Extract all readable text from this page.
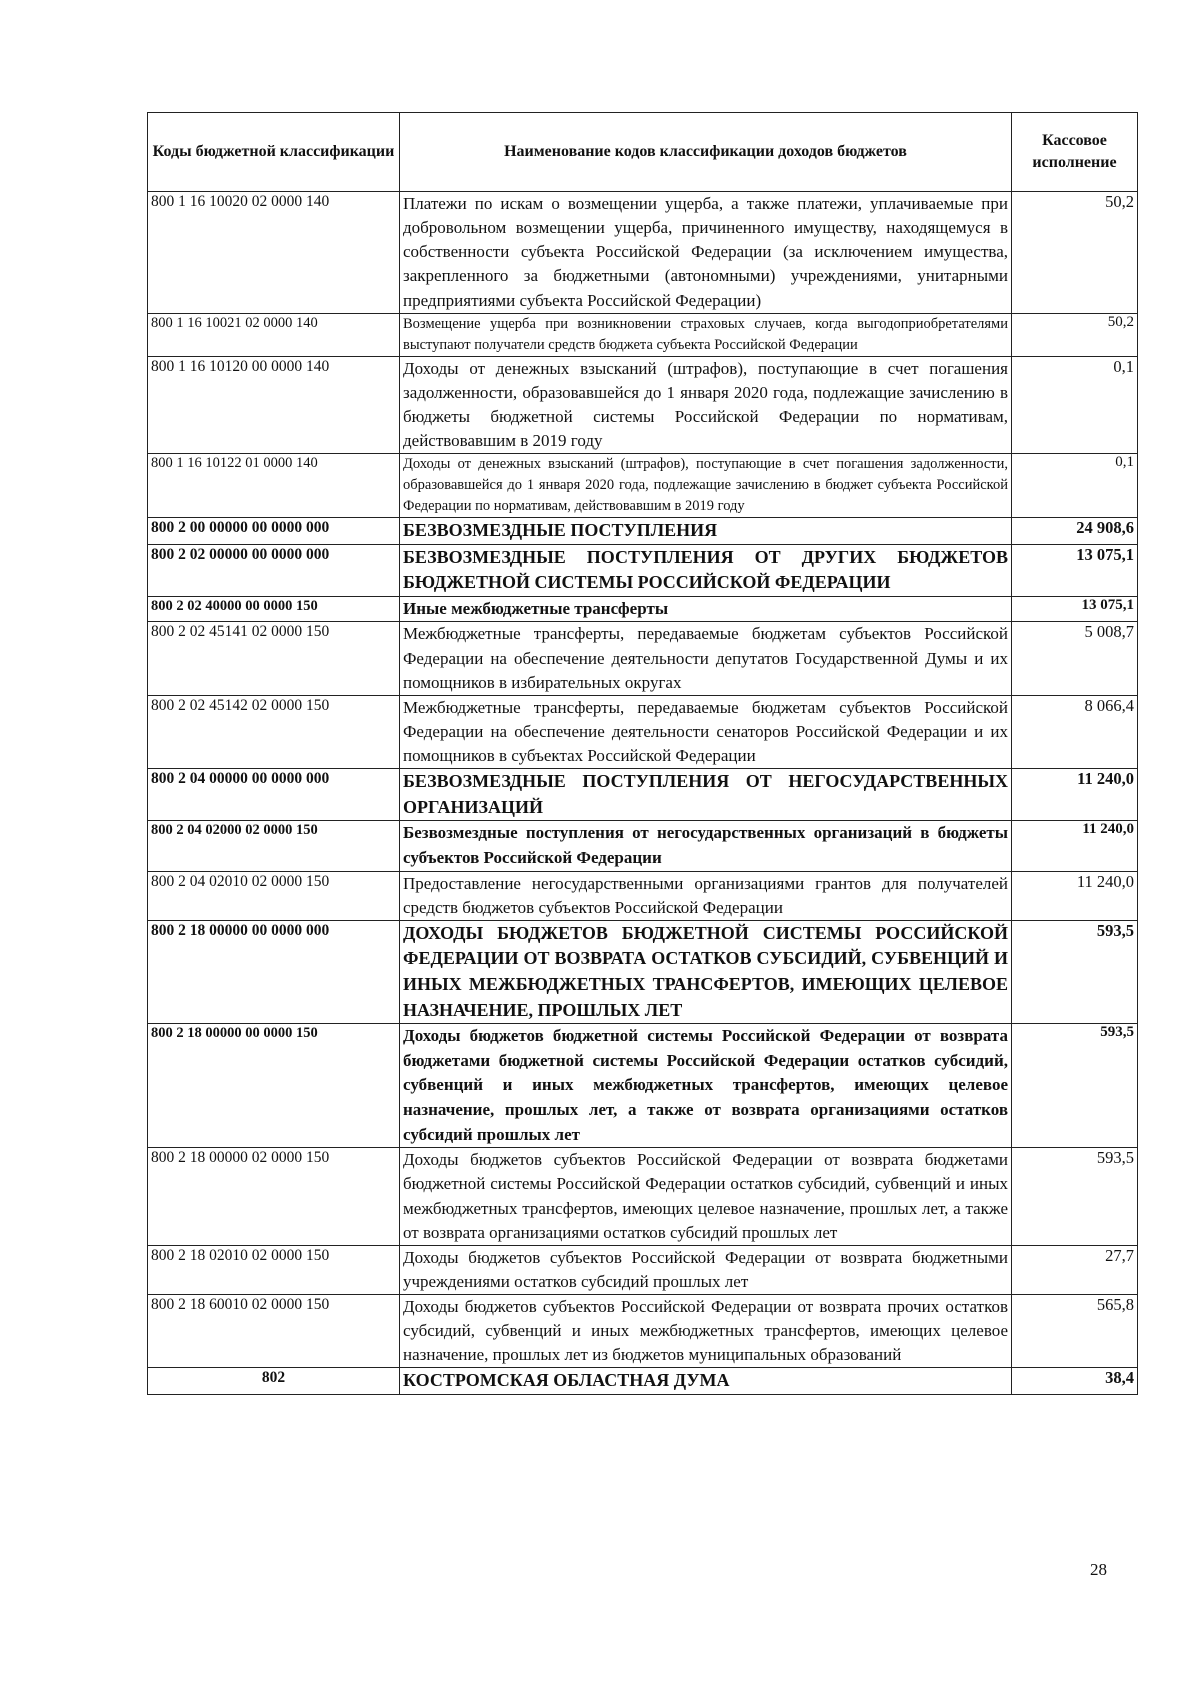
Коды бюджетной классификации	Наименование кодов классификации доходов бюджетов	Кассовое исполнение
800 1 16 10020 02 0000 140	Платежи по искам о возмещении ущерба, а также платежи, уплачиваемые при добровольном возмещении ущерба, причиненного имуществу, находящемуся в собственности субъекта Российской Федерации (за исключением имущества, закрепленного за бюджетными (автономными) учреждениями, унитарными предприятиями субъекта Российской Федерации)	50,2
800 1 16 10021 02 0000 140	Возмещение ущерба при возникновении страховых случаев, когда выгодоприобретателями выступают получатели средств бюджета субъекта Российской Федерации	50,2
800 1 16 10120 00 0000 140	Доходы от денежных взысканий (штрафов), поступающие в счет погашения задолженности, образовавшейся до 1 января 2020 года, подлежащие зачислению в бюджеты бюджетной системы Российской Федерации по нормативам, действовавшим в 2019 году	0,1
800 1 16 10122 01 0000 140	Доходы от денежных взысканий (штрафов), поступающие в счет погашения задолженности, образовавшейся до 1 января 2020 года, подлежащие зачислению в бюджет субъекта Российской Федерации по нормативам, действовавшим в 2019 году	0,1
800 2 00 00000 00 0000 000	БЕЗВОЗМЕЗДНЫЕ ПОСТУПЛЕНИЯ	24 908,6
800 2 02 00000 00 0000 000	БЕЗВОЗМЕЗДНЫЕ ПОСТУПЛЕНИЯ ОТ ДРУГИХ БЮДЖЕТОВ БЮДЖЕТНОЙ СИСТЕМЫ РОССИЙСКОЙ ФЕДЕРАЦИИ	13 075,1
800 2 02 40000 00 0000 150	Иные межбюджетные трансферты	13 075,1
800 2 02 45141 02 0000 150	Межбюджетные трансферты, передаваемые бюджетам субъектов Российской Федерации на обеспечение деятельности депутатов Государственной Думы и их помощников в избирательных округах	5 008,7
800 2 02 45142 02 0000 150	Межбюджетные трансферты, передаваемые бюджетам субъектов Российской Федерации на обеспечение деятельности сенаторов Российской Федерации и их помощников в субъектах Российской Федерации	8 066,4
800 2 04 00000 00 0000 000	БЕЗВОЗМЕЗДНЫЕ ПОСТУПЛЕНИЯ ОТ НЕГОСУДАРСТВЕННЫХ ОРГАНИЗАЦИЙ	11 240,0
800 2 04 02000 02 0000 150	Безвозмездные поступления от негосударственных организаций в бюджеты субъектов Российской Федерации	11 240,0
800 2 04 02010 02 0000 150	Предоставление негосударственными организациями грантов для получателей средств бюджетов субъектов Российской Федерации	11 240,0
800 2 18 00000 00 0000 000	ДОХОДЫ БЮДЖЕТОВ БЮДЖЕТНОЙ СИСТЕМЫ РОССИЙСКОЙ ФЕДЕРАЦИИ ОТ ВОЗВРАТА ОСТАТКОВ СУБСИДИЙ, СУБВЕНЦИЙ И ИНЫХ МЕЖБЮДЖЕТНЫХ ТРАНСФЕРТОВ, ИМЕЮЩИХ ЦЕЛЕВОЕ НАЗНАЧЕНИЕ, ПРОШЛЫХ ЛЕТ	593,5
800 2 18 00000 00 0000 150	Доходы бюджетов бюджетной системы Российской Федерации от возврата бюджетами бюджетной системы Российской Федерации остатков субсидий, субвенций и иных межбюджетных трансфертов, имеющих целевое назначение, прошлых лет, а также от возврата организациями остатков субсидий прошлых лет	593,5
800 2 18 00000 02 0000 150	Доходы бюджетов субъектов Российской Федерации от возврата бюджетами бюджетной системы Российской Федерации остатков субсидий, субвенций и иных межбюджетных трансфертов, имеющих целевое назначение, прошлых лет, а также от возврата организациями остатков субсидий прошлых лет	593,5
800 2 18 02010 02 0000 150	Доходы бюджетов субъектов Российской Федерации от возврата бюджетными учреждениями остатков субсидий прошлых лет	27,7
800 2 18 60010 02 0000 150	Доходы бюджетов субъектов Российской Федерации от возврата прочих остатков субсидий, субвенций и иных межбюджетных трансфертов, имеющих целевое назначение, прошлых лет из бюджетов муниципальных образований	565,8
802	КОСТРОМСКАЯ ОБЛАСТНАЯ ДУМА	38,4
28
